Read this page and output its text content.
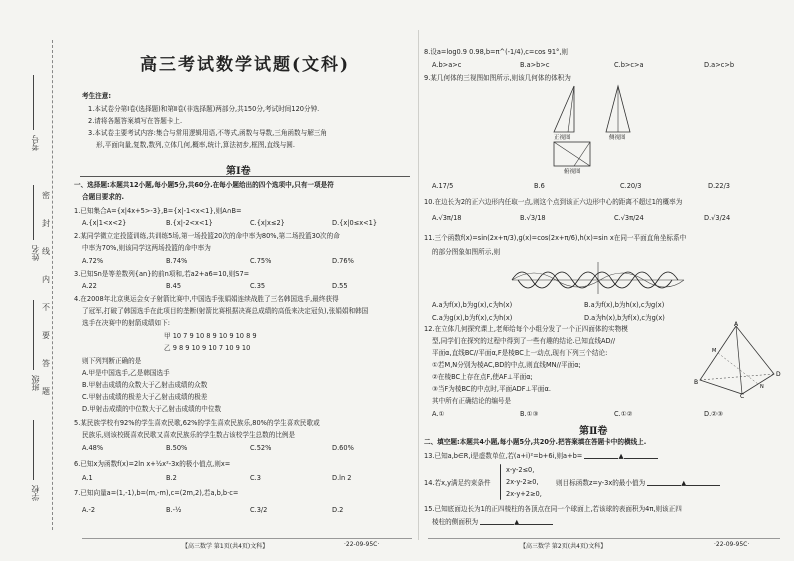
考号
姓名
班级
学校
密
封
线
内
不
要
答
题
高三考试数学试题(文科)
考生注意:
1.本试卷分第Ⅰ卷(选择题)和第Ⅱ卷(非选择题)两部分,共150分,考试时间120分钟.
2.请将各题答案填写在答题卡上.
3.本试卷主要考试内容:集合与常用逻辑用语,不等式,函数与导数,三角函数与解三角
形,平面向量,复数,数列,立体几何,概率,统计,算法初步,框图,直线与圆.
第Ⅰ卷
一、选择题:本题共12小题,每小题5分,共60分.在每小题给出的四个选项中,只有一项是符
合题目要求的.
1.已知集合A={x|4x+5>-3},B={x|-1<x<1},则A∩B=
A.{x|1<x<2}	B.{x|-2<x<1}	C.{x|x≤2}	D.{x|0≤x<1}
2.某同学微立定投篮训练,共训练5场,第一场投篮20次的命中率为80%,第二场投篮30次的命
中率为70%,则该同学这两场投篮的命中率为
A.72%	B.74%	C.75%	D.76%
3.已知Sn是等差数列{an}的前n项和,若a2+a6=10,则S7=
A.22	B.45	C.35	D.55
4.在2008年北京奥运会女子射箭比赛中,中国选手张娟娟连续战胜了三名韩国选手,最终获得
了冠军,打破了韩国选手在此项目的垄断(射箭比赛根据决赛总成绩的高低来决定冠负),张娟娟和韩国
选手在决赛中的射箭成绩如下:
甲 10 7 9 10 8 9 10 9 10 8 9
乙 9 8 9 10 9 10 7 10 9 10
则下列判断正确的是
A.甲是中国选手,乙是韩国选手
B.甲射击成绩的众数大于乙射击成绩的众数
C.甲射击成绩的极差大于乙射击成绩的极差
D.甲射击成绩的中位数大于乙射击成绩的中位数
5.某民族学校有92%的学生喜欢民歌,62%的学生喜欢民族乐,80%的学生喜欢民歌或
民族乐,则该校既喜欢民歌又喜欢民族乐的学生数占该校学生总数的比例是
A.48%	B.50%	C.52%	D.60%
6.已知x为函数f(x)=2ln x+½x²-3x的极小值点,则x=
A.1	B.2	C.3	D.ln 2
7.已知向量a=(1,-1),b=(m,-m),c=(2m,2),若a,b,b·c=
A.-2	B.-½	C.3/2	D.2
【高三数学 第1页(共4页)文科】	·22-09-95C·
8.设a=log0.9 0.98,b=π^(-1/4),c=cos 91°,则
A.b>a>c	B.a>b>c	C.b>c>a	D.a>c>b
9.某几何体的三视图如图所示,则该几何体的体积为
正视图	侧视图
俯视图
A.17/5	B.6	C.20/3	D.22/3
10.在边长为2的正六边形内任取一点,则这个点到该正六边形中心的距离不超过1的概率为
A.√3π/18	B.√3/18	C.√3π/24	D.√3/24
11.三个函数f(x)=sin(2x+π/3),g(x)=cos(2x+π/6),h(x)=sin x在同一平面直角坐标系中
的部分图象如图所示,则
A.a为f(x),b为g(x),c为h(x)	B.a为f(x),b为h(x),c为g(x)
C.a为g(x),b为f(x),c为h(x)	D.a为h(x),b为f(x),c为g(x)
12.在立体几何探究课上,老师给每个小组分发了一个正四面体的实物模
型,同学们在探究的过程中得到了一些有趣的结论.已知直线AD//
平面α,直线BC//平面α,F是棱BC上一动点,现有下列三个结论:
①若M,N分别为棱AC,BD的中点,则直线MN//平面α;
②在棱BC上存在点F,使AF⊥平面α;
③当F为棱BC的中点时,平面ADF⊥平面α.
其中所有正确结论的编号是
A
B
D
C
M
N
A.①	B.①③	C.①②	D.②③
第Ⅱ卷
二、填空题:本题共4小题,每小题5分,共20分.把答案填在答题卡中的横线上.
13.已知a,b∈R,i是虚数单位,若(a+i)²=b+6i,则a+b=	▲
14.若x,y满足约束条件
x-y-2≤0,
2x-y-2≥0,
2x-y+2≥0,
则目标函数z=y-3x的最小值为	▲
15.已知底面边长为1的正四棱柱的各顶点在同一个球面上,若该球的表面积为4π,则该正四
棱柱的侧面积为	▲
【高三数学 第2页(共4页)文科】	·22-09-95C·
